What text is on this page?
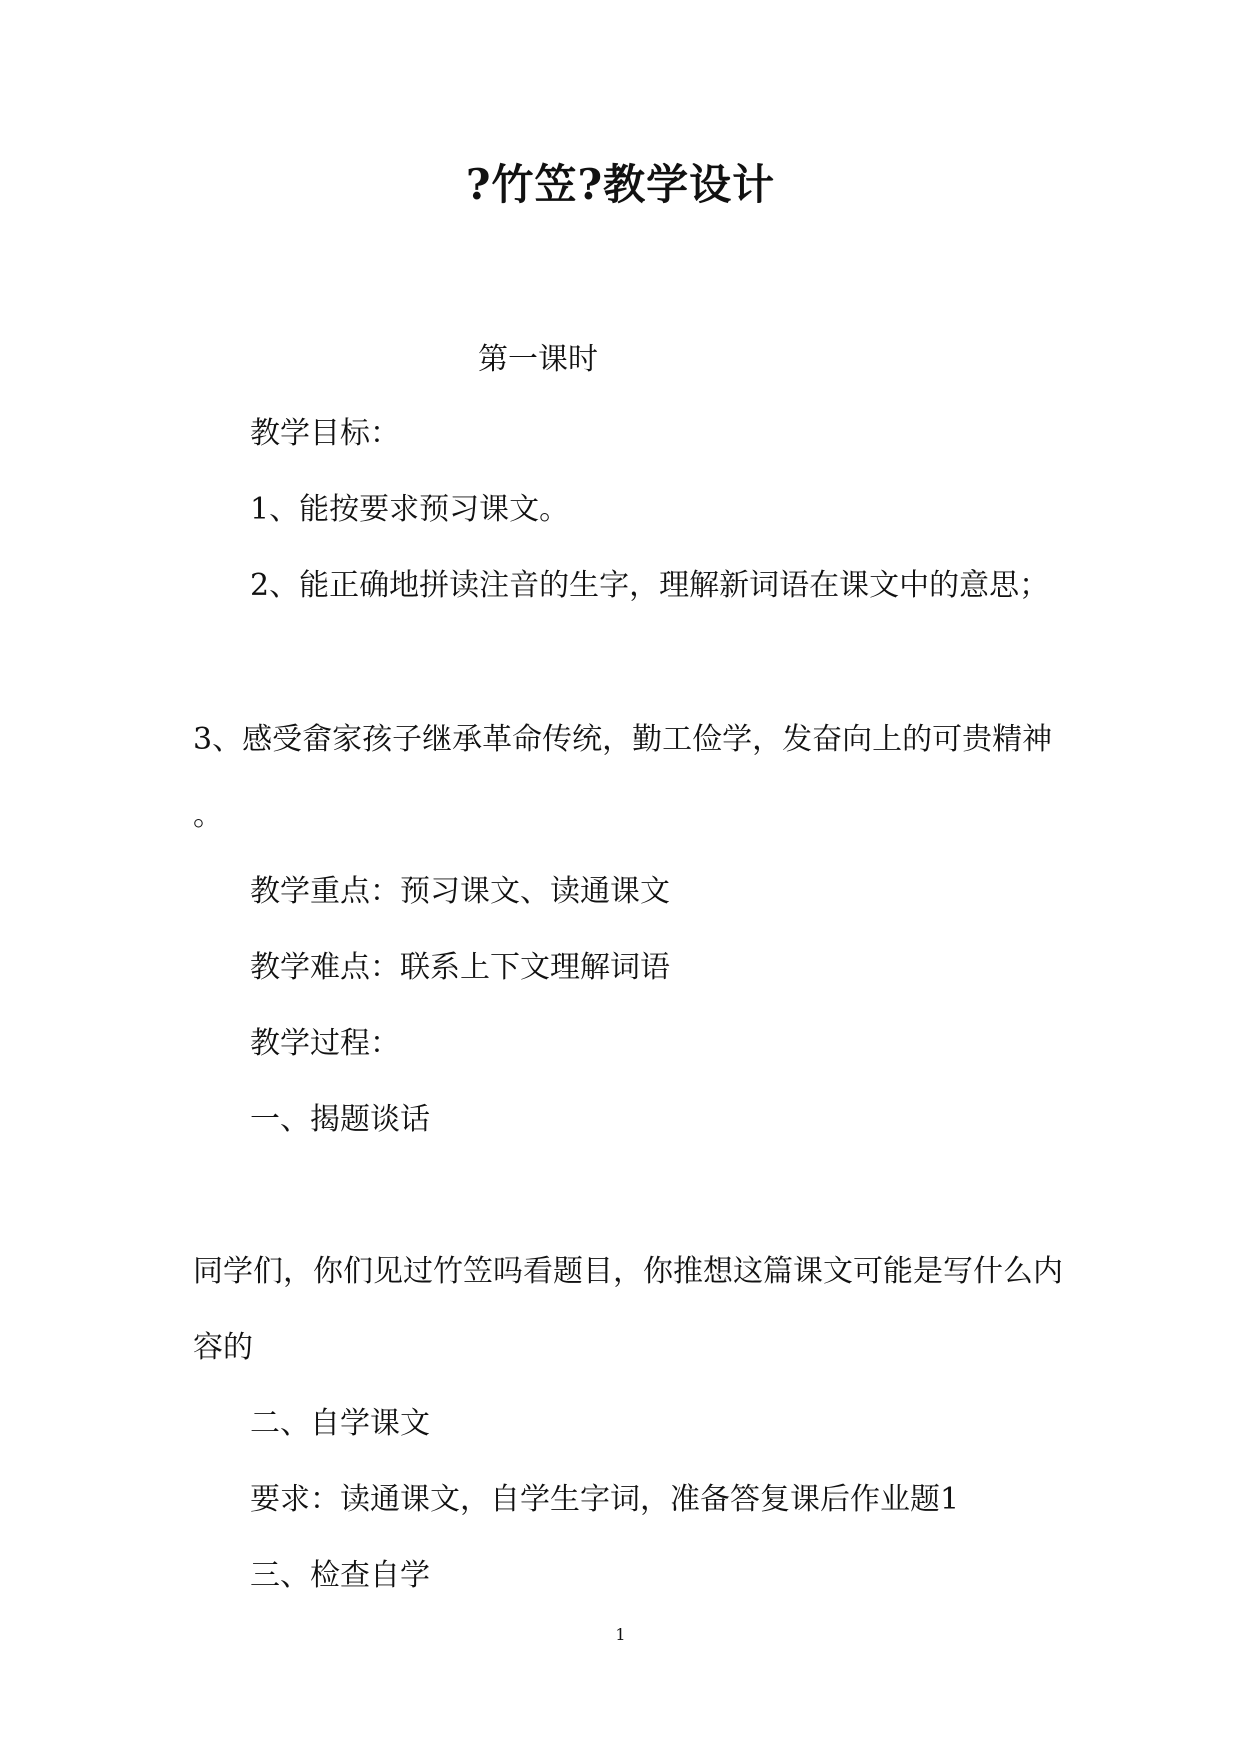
?竹笠?教学设计
第一课时
教学目标：
1、能按要求预习课文。
2、能正确地拼读注音的生字，理解新词语在课文中的意思；
3、感受畲家孩子继承革命传统，勤工俭学，发奋向上的可贵精神
。
教学重点：预习课文、读通课文
教学难点：联系上下文理解词语
教学过程：
一、揭题谈话
同学们，你们见过竹笠吗看题目，你推想这篇课文可能是写什么内
容的
二、自学课文
要求：读通课文，自学生字词，准备答复课后作业题1
三、检查自学
1
